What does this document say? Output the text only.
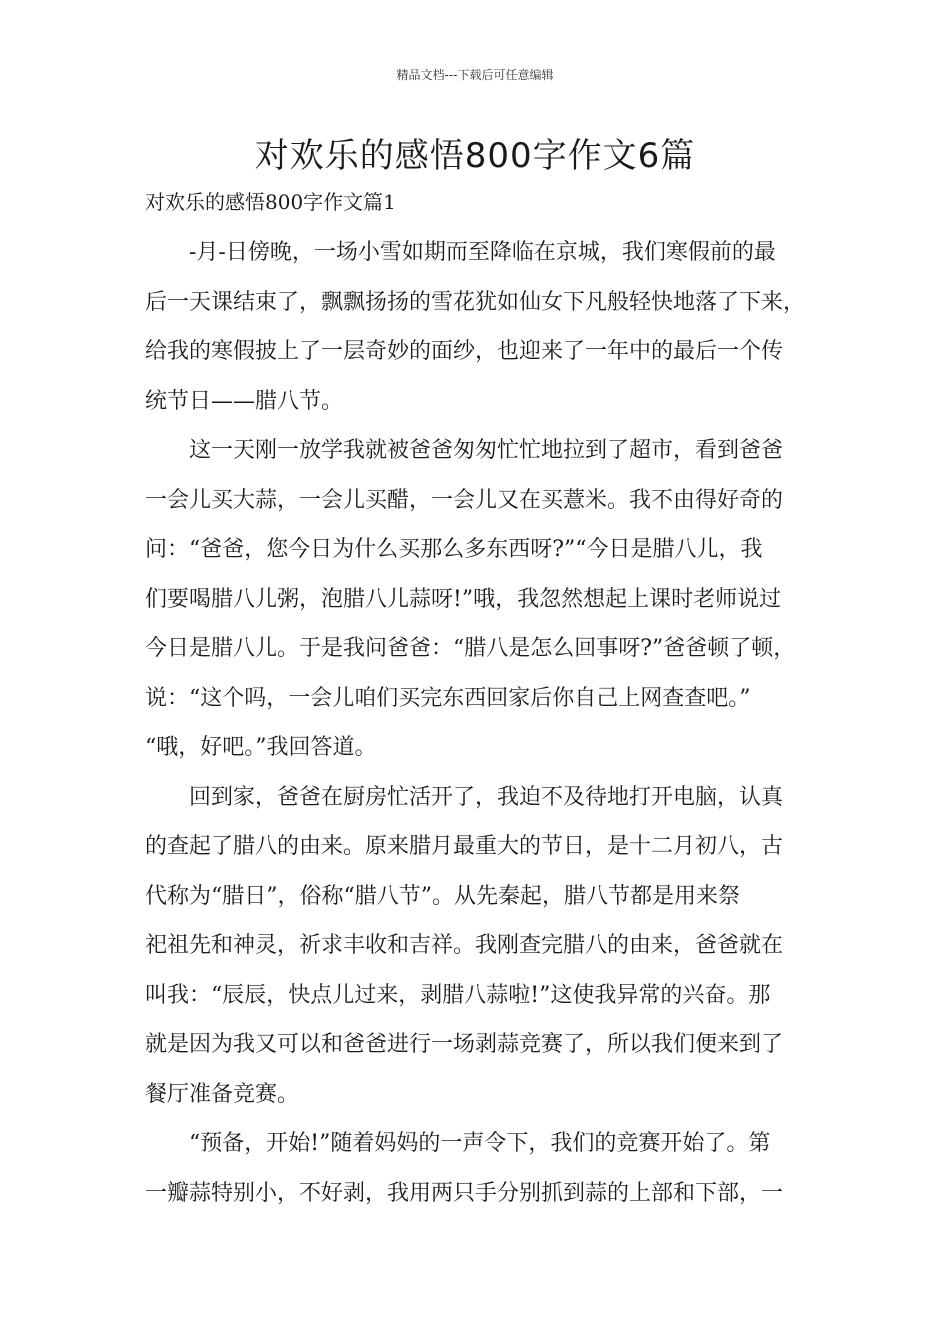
精品文档---下载后可任意编辑
对欢乐的感悟800字作文6篇
对欢乐的感悟800字作文篇1

-月-日傍晚，一场小雪如期而至降临在京城，我们寒假前的最
后一天课结束了，飘飘扬扬的雪花犹如仙女下凡般轻快地落了下来，
给我的寒假披上了一层奇妙的面纱，也迎来了一年中的最后一个传
统节日——腊八节。

这一天刚一放学我就被爸爸匆匆忙忙地拉到了超市，看到爸爸
一会儿买大蒜，一会儿买醋，一会儿又在买薏米。我不由得好奇的
问：“爸爸，您今日为什么买那么多东西呀?”“今日是腊八儿，我
们要喝腊八儿粥，泡腊八儿蒜呀!”哦，我忽然想起上课时老师说过
今日是腊八儿。于是我问爸爸：“腊八是怎么回事呀?”爸爸顿了顿，
说：“这个吗，一会儿咱们买完东西回家后你自己上网查查吧。”
“哦，好吧。”我回答道。

回到家，爸爸在厨房忙活开了，我迫不及待地打开电脑，认真
的查起了腊八的由来。原来腊月最重大的节日，是十二月初八，古
代称为“腊日”，俗称“腊八节”。从先秦起，腊八节都是用来祭
祀祖先和神灵，祈求丰收和吉祥。我刚查完腊八的由来，爸爸就在
叫我：“辰辰，快点儿过来，剥腊八蒜啦!”这使我异常的兴奋。那
就是因为我又可以和爸爸进行一场剥蒜竞赛了，所以我们便来到了
餐厅准备竞赛。

“预备，开始!”随着妈妈的一声令下，我们的竞赛开始了。第
一瓣蒜特别小，不好剥，我用两只手分别抓到蒜的上部和下部，一
